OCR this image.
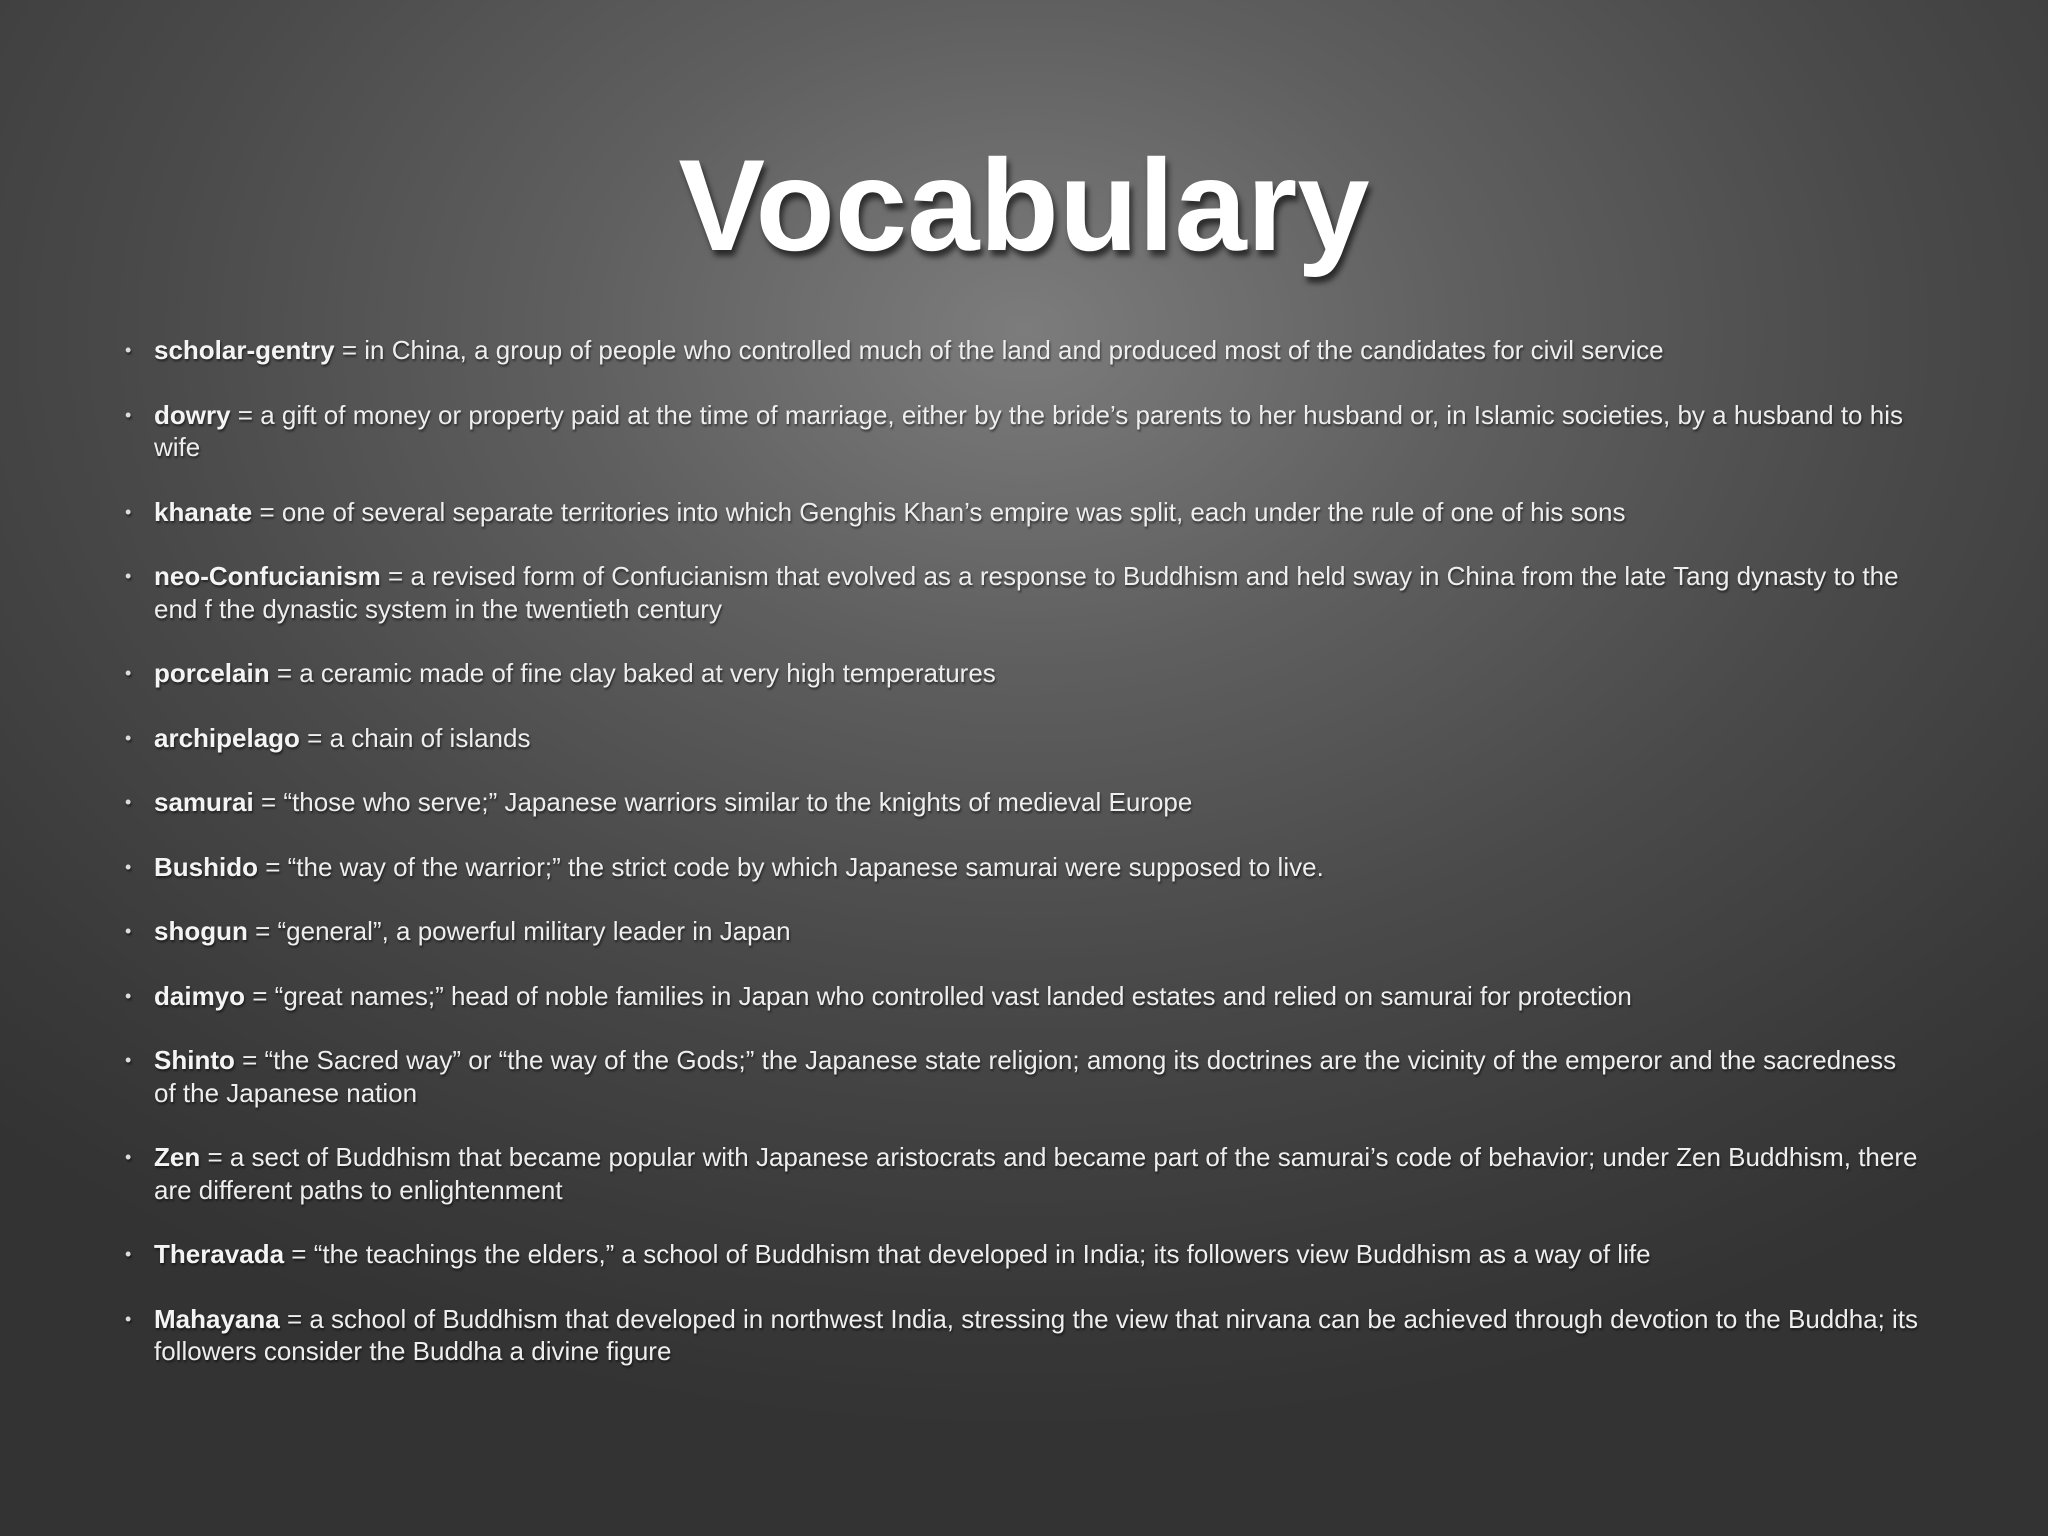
Vocabulary
• scholar-gentry = in China, a group of people who controlled much of the land and produced most of the candidates for civil service
• dowry = a gift of money or property paid at the time of marriage, either by the bride’s parents to her husband or, in Islamic societies, by a husband to his wife
• khanate = one of several separate territories into which Genghis Khan’s empire was split, each under the rule of one of his sons
• neo-Confucianism = a revised form of Confucianism that evolved as a response to Buddhism and held sway in China from the late Tang dynasty to the end f the dynastic system in the twentieth century
• porcelain = a ceramic made of fine clay baked at very high temperatures
• archipelago = a chain of islands
• samurai = “those who serve;” Japanese warriors similar to the knights of medieval Europe
• Bushido = “the way of the warrior;” the strict code by which Japanese samurai were supposed to live.
• shogun = “general”, a powerful military leader in Japan
• daimyo = “great names;” head of noble families in Japan who controlled vast landed estates and relied on samurai for protection
• Shinto = “the Sacred way” or “the way of the Gods;” the Japanese state religion; among its doctrines are the vicinity of the emperor and the sacredness of the Japanese nation
• Zen = a sect of Buddhism that became popular with Japanese aristocrats and became part of the samurai’s code of behavior; under Zen Buddhism, there are different paths to enlightenment
• Theravada = “the teachings the elders,” a school of Buddhism that developed in India; its followers view Buddhism as a way of life
• Mahayana = a school of Buddhism that developed in northwest India, stressing the view that nirvana can be achieved through devotion to the Buddha; its followers consider the Buddha a divine figure
